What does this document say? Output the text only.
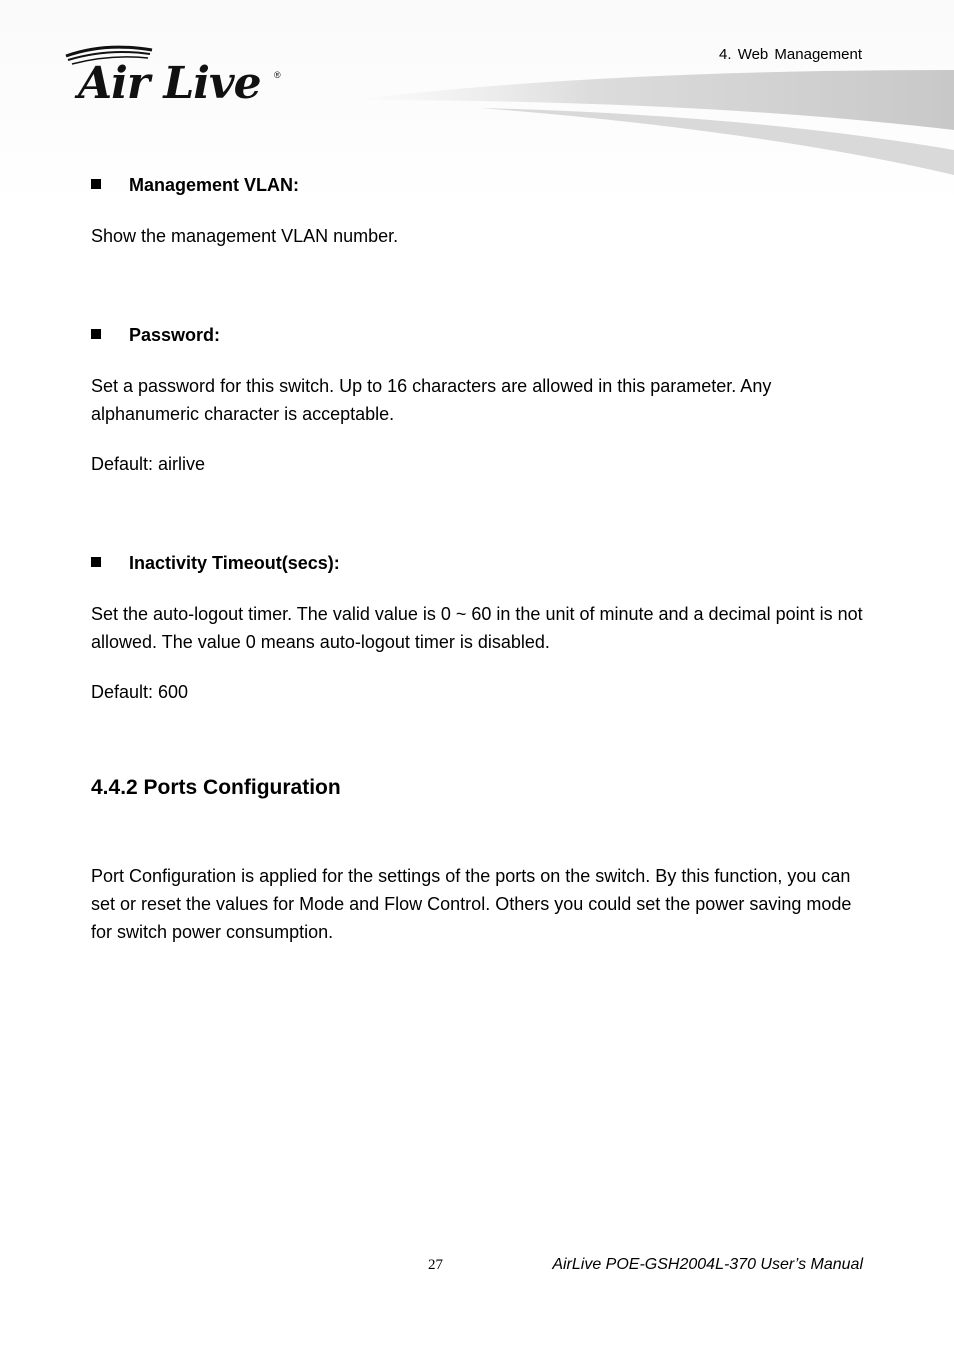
Air Live ®
4. Web Management
Management VLAN:
Show the management VLAN number.
Password:
Set a password for this switch. Up to 16 characters are allowed in this parameter. Any alphanumeric character is acceptable.
Default: airlive
Inactivity Timeout(secs):
Set the auto-logout timer. The valid value is 0 ~ 60 in the unit of minute and a decimal point is not allowed. The value 0 means auto-logout timer is disabled.
Default: 600
4.4.2 Ports Configuration
Port Configuration is applied for the settings of the ports on the switch. By this function, you can set or reset the values for Mode and Flow Control. Others you could set the power saving mode for switch power consumption.
27	AirLive POE-GSH2004L-370 User’s Manual
